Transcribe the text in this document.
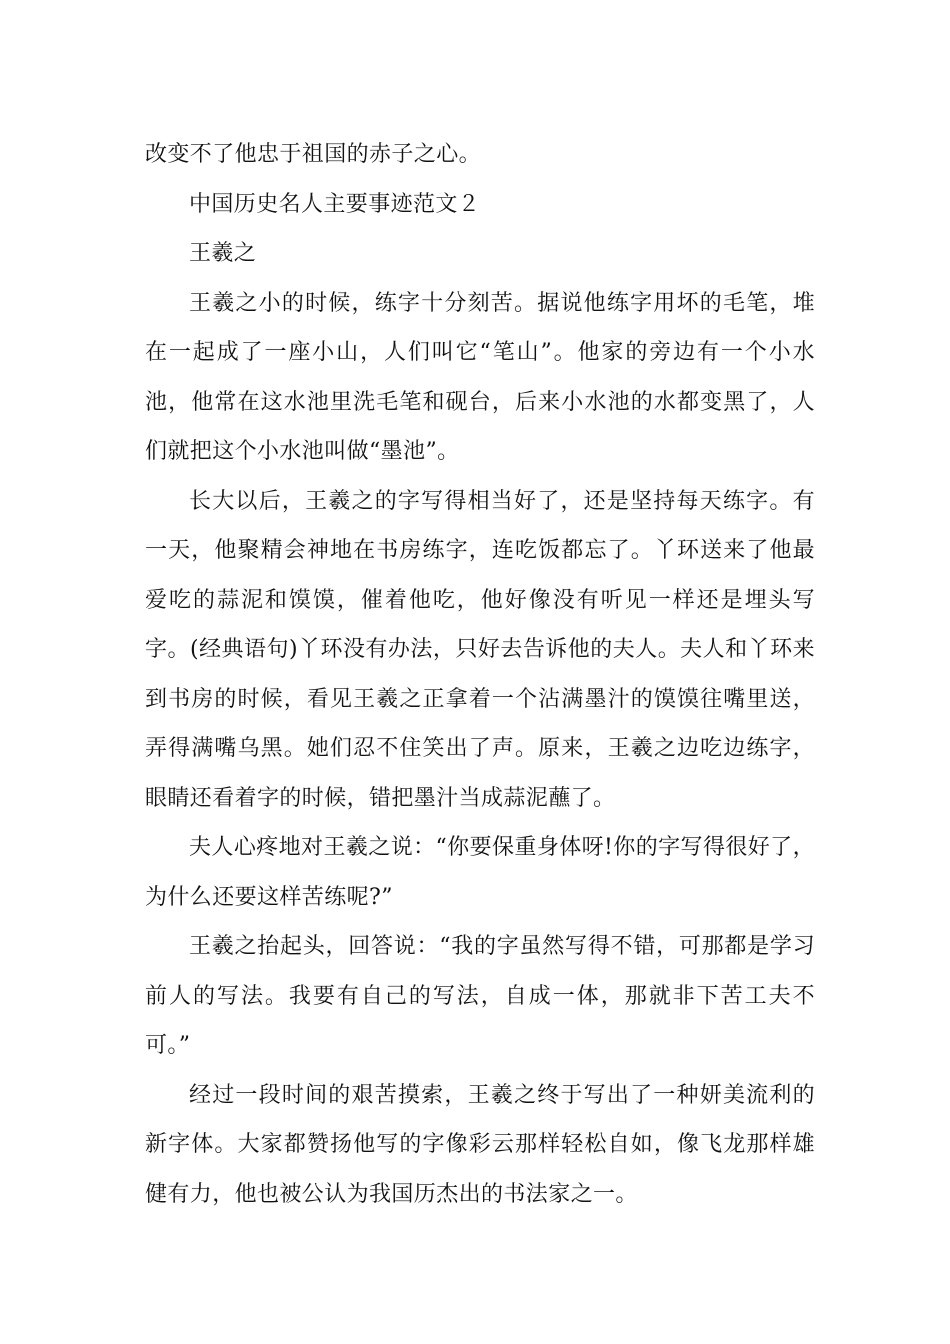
改变不了他忠于祖国的赤子之心。

中国历史名人主要事迹范文２

王羲之

王羲之小的时候，练字十分刻苦。据说他练字用坏的毛笔，堆在一起成了一座小山，人们叫它“笔山”。他家的旁边有一个小水池，他常在这水池里洗毛笔和砚台，后来小水池的水都变黑了，人们就把这个小水池叫做“墨池”。

长大以后，王羲之的字写得相当好了，还是坚持每天练字。有一天，他聚精会神地在书房练字，连吃饭都忘了。丫环送来了他最爱吃的蒜泥和馍馍，催着他吃，他好像没有听见一样还是埋头写字。(经典语句)丫环没有办法，只好去告诉他的夫人。夫人和丫环来到书房的时候，看见王羲之正拿着一个沾满墨汁的馍馍往嘴里送，弄得满嘴乌黑。她们忍不住笑出了声。原来，王羲之边吃边练字，眼睛还看着字的时候，错把墨汁当成蒜泥蘸了。

夫人心疼地对王羲之说：“你要保重身体呀!你的字写得很好了，为什么还要这样苦练呢?”

王羲之抬起头，回答说：“我的字虽然写得不错，可那都是学习前人的写法。我要有自己的写法，自成一体，那就非下苦工夫不可。”

经过一段时间的艰苦摸索，王羲之终于写出了一种妍美流利的新字体。大家都赞扬他写的字像彩云那样轻松自如，像飞龙那样雄健有力，他也被公认为我国历杰出的书法家之一。
